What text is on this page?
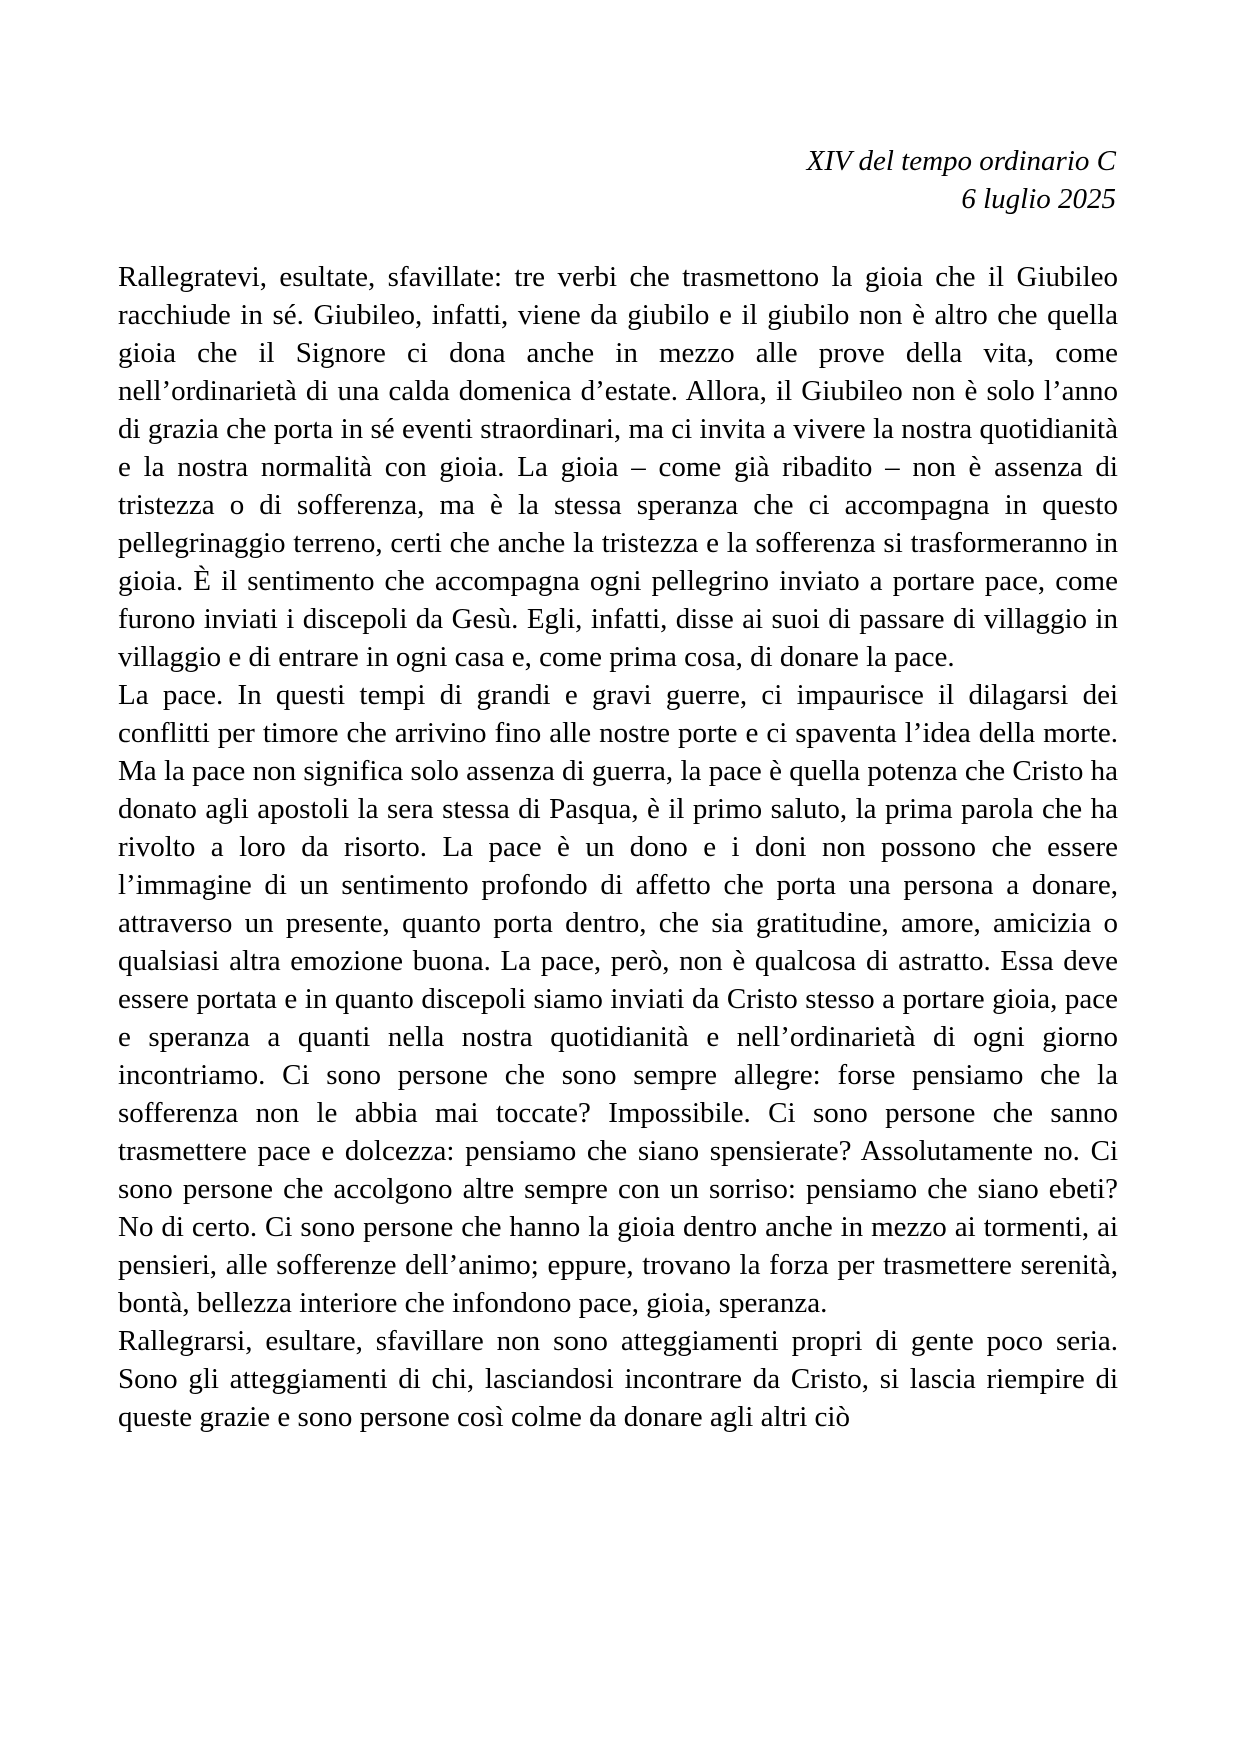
XIV del tempo ordinario C
6 luglio 2025

Rallegratevi, esultate, sfavillate: tre verbi che trasmettono la gioia che il Giubileo racchiude in sé. Giubileo, infatti, viene da giubilo e il giubilo non è altro che quella gioia che il Signore ci dona anche in mezzo alle prove della vita, come nell’ordinarietà di una calda domenica d’estate. Allora, il Giubileo non è solo l’anno di grazia che porta in sé eventi straordinari, ma ci invita a vivere la nostra quotidianità e la nostra normalità con gioia. La gioia – come già ribadito – non è assenza di tristezza o di sofferenza, ma è la stessa speranza che ci accompagna in questo pellegrinaggio terreno, certi che anche la tristezza e la sofferenza si trasformeranno in gioia. È il sentimento che accompagna ogni pellegrino inviato a portare pace, come furono inviati i discepoli da Gesù. Egli, infatti, disse ai suoi di passare di villaggio in villaggio e di entrare in ogni casa e, come prima cosa, di donare la pace.

La pace. In questi tempi di grandi e gravi guerre, ci impaurisce il dilagarsi dei conflitti per timore che arrivino fino alle nostre porte e ci spaventa l’idea della morte. Ma la pace non significa solo assenza di guerra, la pace è quella potenza che Cristo ha donato agli apostoli la sera stessa di Pasqua, è il primo saluto, la prima parola che ha rivolto a loro da risorto. La pace è un dono e i doni non possono che essere l’immagine di un sentimento profondo di affetto che porta una persona a donare, attraverso un presente, quanto porta dentro, che sia gratitudine, amore, amicizia o qualsiasi altra emozione buona. La pace, però, non è qualcosa di astratto. Essa deve essere portata e in quanto discepoli siamo inviati da Cristo stesso a portare gioia, pace e speranza a quanti nella nostra quotidianità e nell’ordinarietà di ogni giorno incontriamo. Ci sono persone che sono sempre allegre: forse pensiamo che la sofferenza non le abbia mai toccate? Impossibile. Ci sono persone che sanno trasmettere pace e dolcezza: pensiamo che siano spensierate? Assolutamente no. Ci sono persone che accolgono altre sempre con un sorriso: pensiamo che siano ebeti? No di certo. Ci sono persone che hanno la gioia dentro anche in mezzo ai tormenti, ai pensieri, alle sofferenze dell’animo; eppure, trovano la forza per trasmettere serenità, bontà, bellezza interiore che infondono pace, gioia, speranza.

Rallegrarsi, esultare, sfavillare non sono atteggiamenti propri di gente poco seria. Sono gli atteggiamenti di chi, lasciandosi incontrare da Cristo, si lascia riempire di queste grazie e sono persone così colme da donare agli altri ciò
